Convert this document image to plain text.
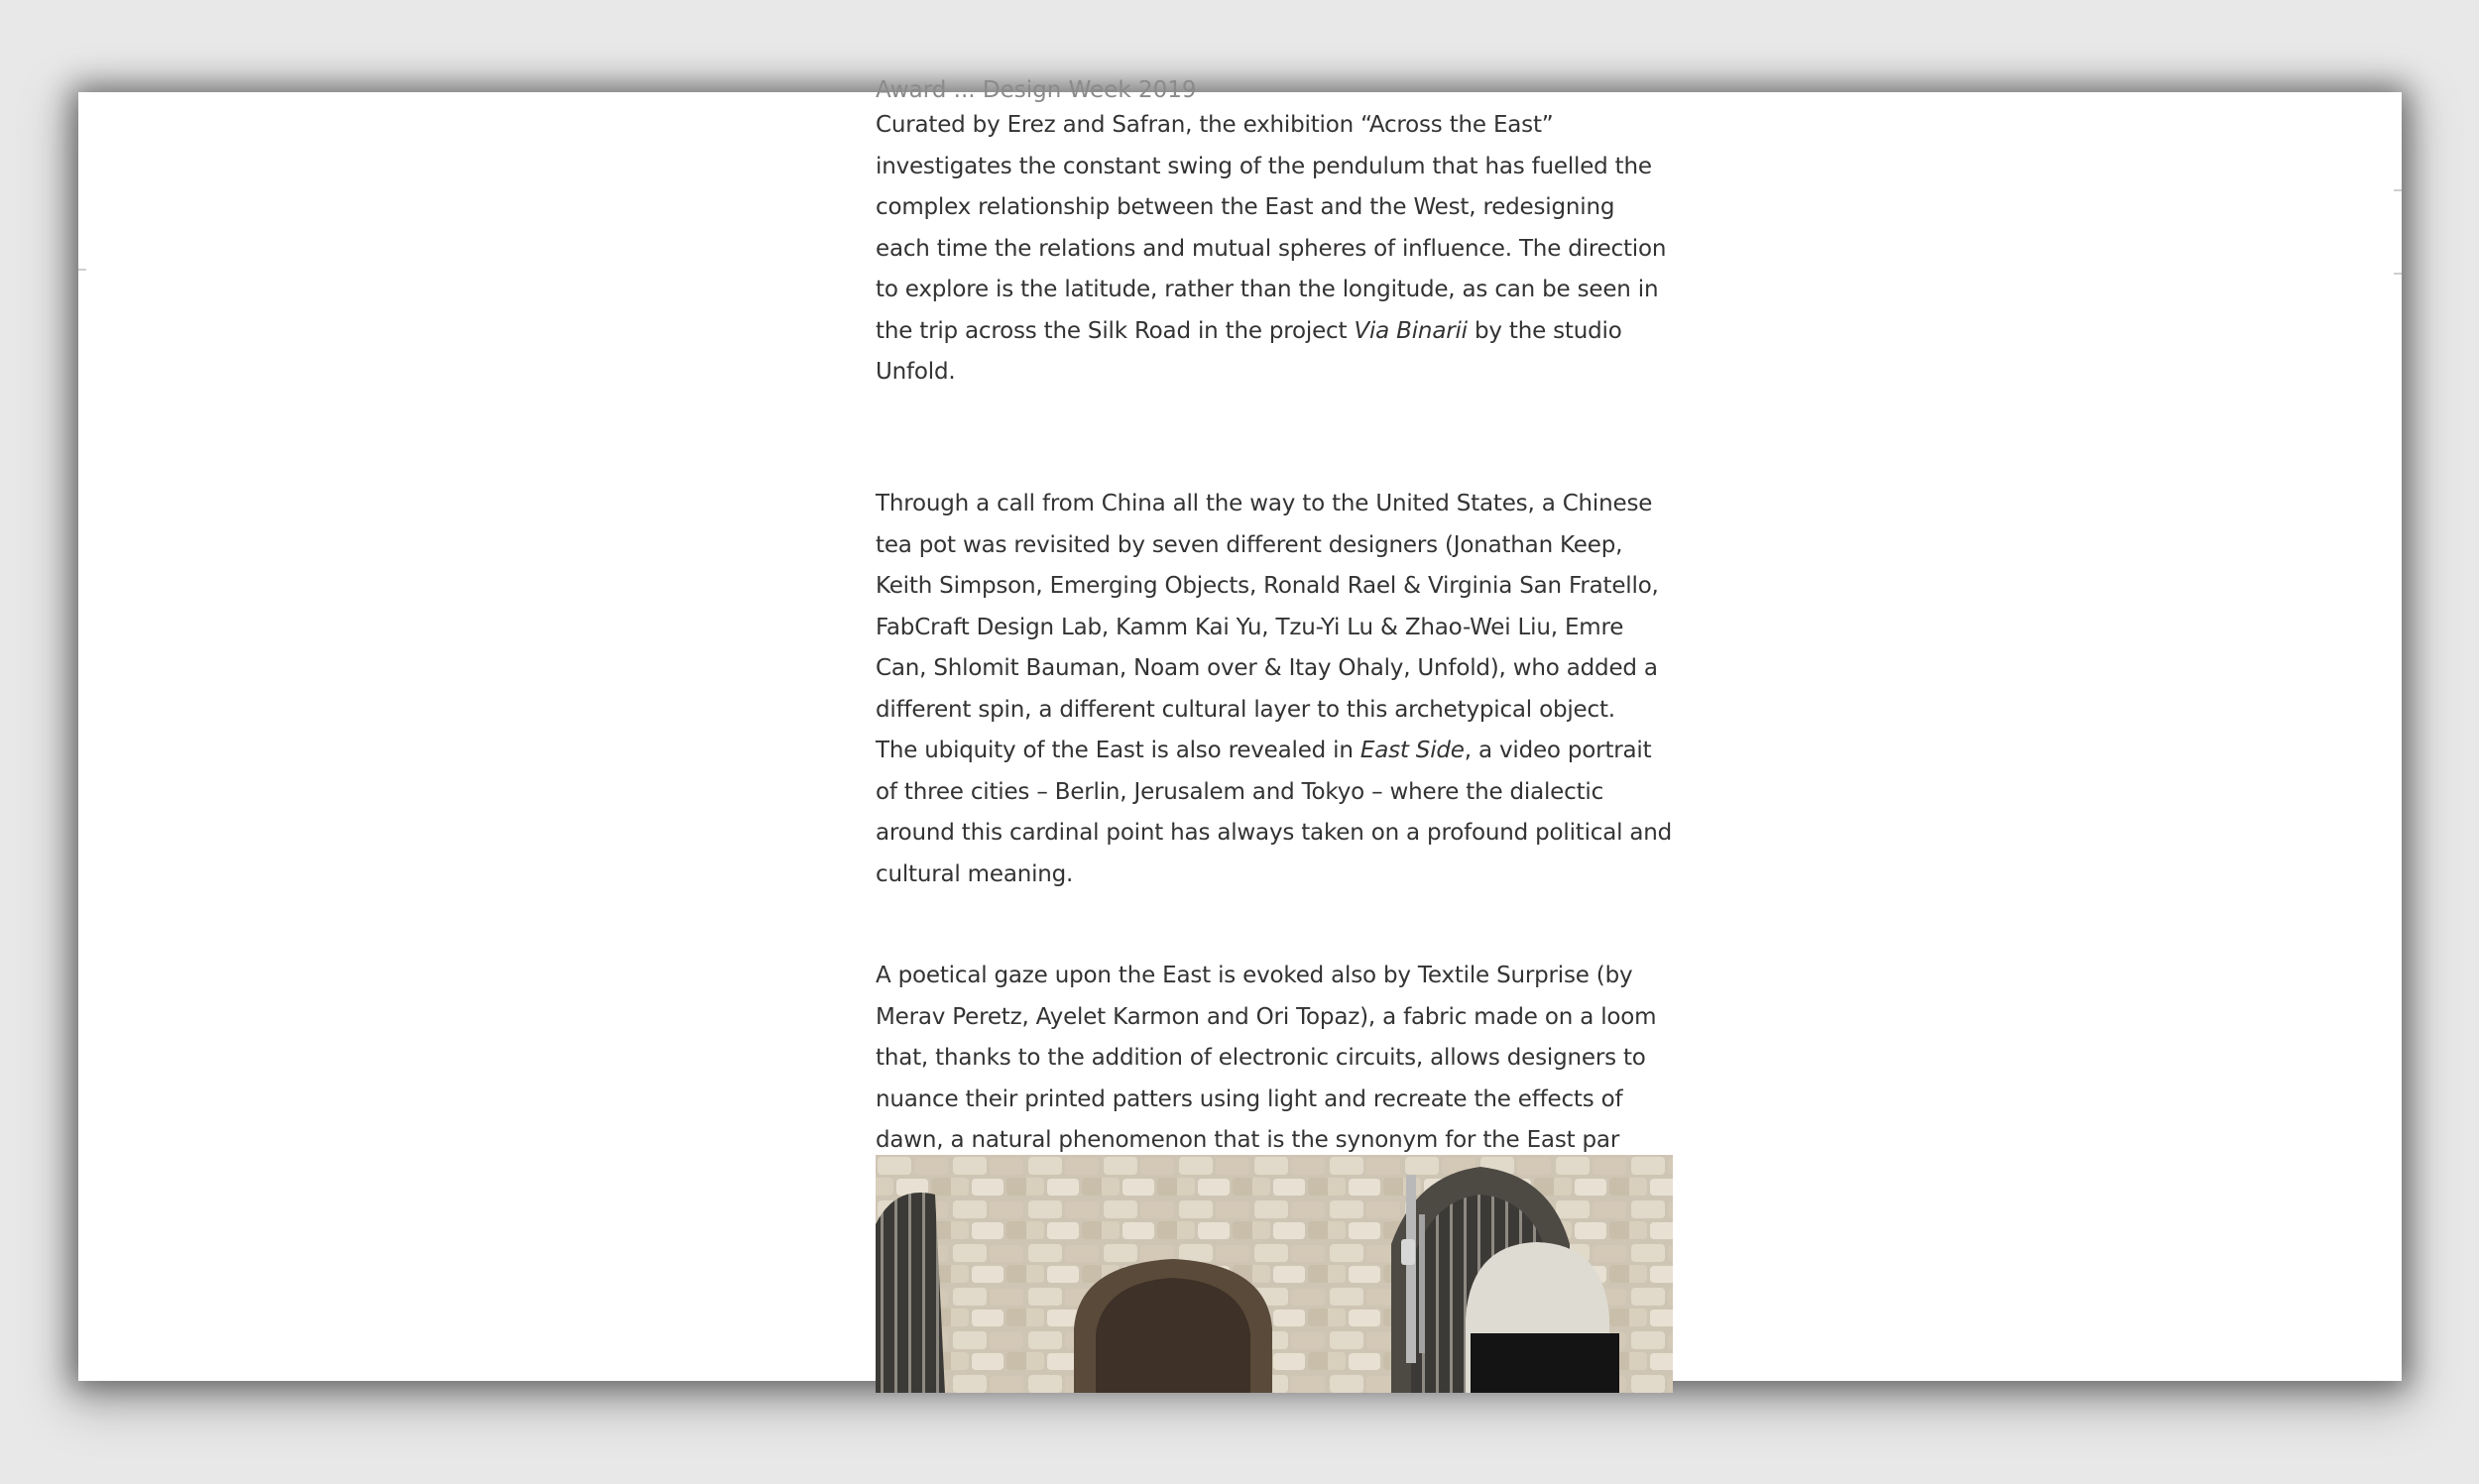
Award ... Design Week 2019

Curated by Erez and Safran, the exhibition “Across the East” investigates the constant swing of the pendulum that has fuelled the complex relationship between the East and the West, redesigning each time the relations and mutual spheres of influence. The direction to explore is the latitude, rather than the longitude, as can be seen in the trip across the Silk Road in the project Via Binarii by the studio Unfold.

Through a call from China all the way to the United States, a Chinese tea pot was revisited by seven different designers (Jonathan Keep, Keith Simpson, Emerging Objects, Ronald Rael & Virginia San Fratello, FabCraft Design Lab, Kamm Kai Yu, Tzu-Yi Lu & Zhao-Wei Liu, Emre Can, Shlomit Bauman, Noam over & Itay Ohaly, Unfold), who added a different spin, a different cultural layer to this archetypical object.
The ubiquity of the East is also revealed in East Side, a video portrait of three cities – Berlin, Jerusalem and Tokyo – where the dialectic around this cardinal point has always taken on a profound political and cultural meaning.

A poetical gaze upon the East is evoked also by Textile Surprise (by Merav Peretz, Ayelet Karmon and Ori Topaz), a fabric made on a loom that, thanks to the addition of electronic circuits, allows designers to nuance their printed patters using light and recreate the effects of dawn, a natural phenomenon that is the synonym for the East par
